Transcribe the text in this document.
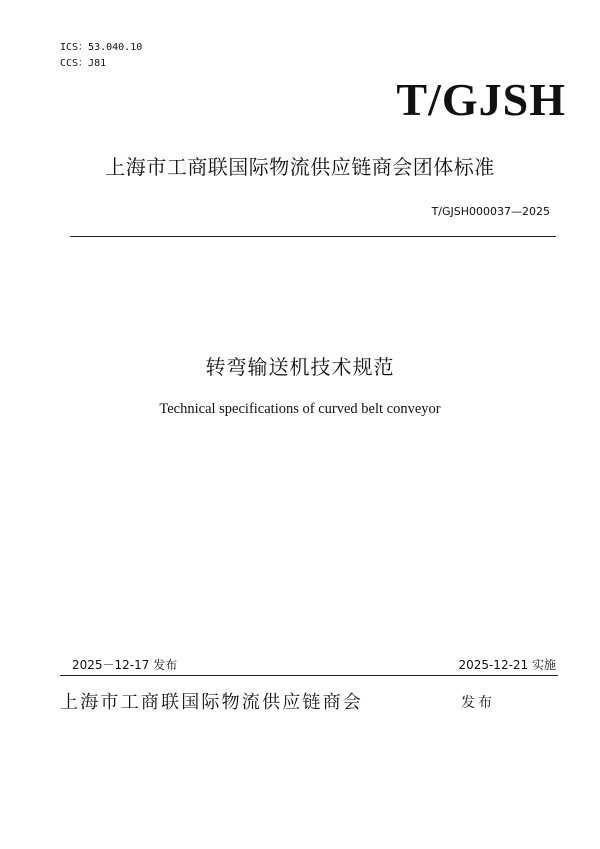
ICS：53.040.10
CCS：J81
T/GJSH
上海市工商联国际物流供应链商会团体标准
T/GJSH000037—2025
转弯输送机技术规范
Technical specifications of curved belt conveyor
2025－12-17 发布	2025-12-21 实施
上海市工商联国际物流供应链商会	发布
